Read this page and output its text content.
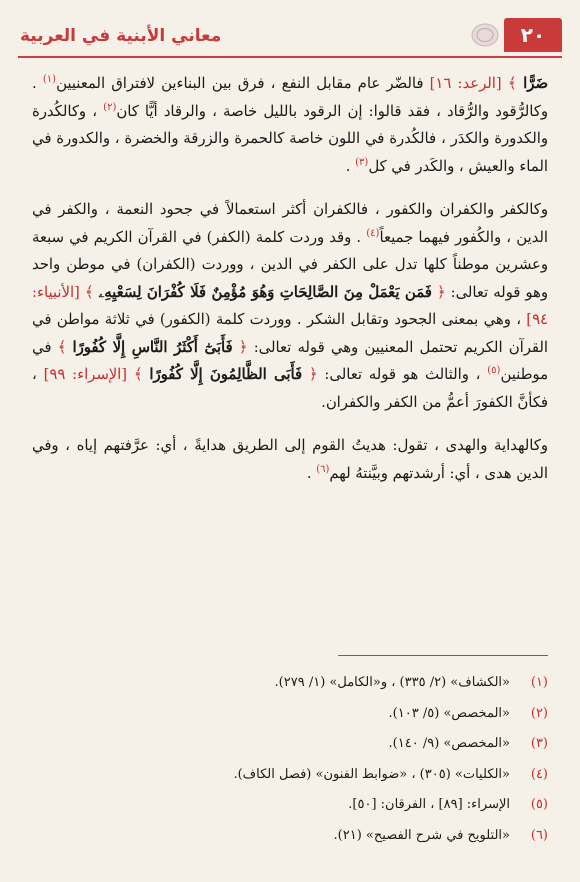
٢٠
معاني الأبنية في العربية

ضَرًّا ﴾ [الرعد: ١٦] فالضّر عام مقابل النفع ، فرق بين البناءين لافتراق المعنيين$^{(١)}$ . وكالرُّقود والرُّقاد ، فقد قالوا: إن الرقود بالليل خاصة ، والرقاد أيًّا كان$^{(٢)}$ ، وكالكُدرة والكدورة والكدَر ، فالكُدرة في اللون خاصة كالحمرة والزرقة والخضرة ، والكدورة في الماء والعيش ، والكَدر في كل$^{(٣)}$ .

وكالكفر والكفران والكفور ، فالكفران أكثر استعمالاً في جحود النعمة ، والكفر في الدين ، والكُفور فيهما جميعاً$^{(٤)}$ . وقد وردت كلمة (الكفر) في القرآن الكريم في سبعة وعشرين موطناً كلها تدل على الكفر في الدين ، ووردت (الكفران) في موطن واحد وهو قوله تعالى: ﴿ فَمَن يَعْمَلْ مِنَ الصَّالِحَاتِ وَهُوَ مُؤْمِنٌ فَلَا كُفْرَانَ لِسَعْيِهِۦ ﴾ [الأنبياء: ٩٤] ، وهي بمعنى الجحود وتقابل الشكر . ووردت كلمة (الكفور) في ثلاثة مواطن في القرآن الكريم تحتمل المعنيين وهي قوله تعالى: ﴿ فَأَبَىٰٓ أَكْثَرُ النَّاسِ إِلَّا كُفُورًا ﴾ في موطنين$^{(٥)}$ ، والثالث هو قوله تعالى: ﴿ فَأَبَى الظَّالِمُونَ إِلَّا كُفُورًا ﴾ [الإسراء: ٩٩] ، فكأنَّ الكفورَ أعمُّ من الكفر والكفران.

وكالهداية والهدى ، تقول: هديتُ القوم إلى الطريق هدايةً ، أي: عرَّفتهم إياه ، وفي الدين هدى ، أي: أرشدتهم وبيَّنتهُ لهم$^{(٦)}$ .

(١)
«الكشاف» (٢/ ٣٣٥) ، و«الكامل» (١/ ٢٧٩).
(٢)
«المخصص» (٥/ ١٠٣).
(٣)
«المخصص» (٩/ ١٤٠).
(٤)
«الكليات» (٣٠٥) ، «ضوابط الفنون» (فصل الكاف).
(٥)
الإسراء: [٨٩] ، الفرقان: [٥٠].
(٦)
«التلويح في شرح الفصيح» (٢١).
